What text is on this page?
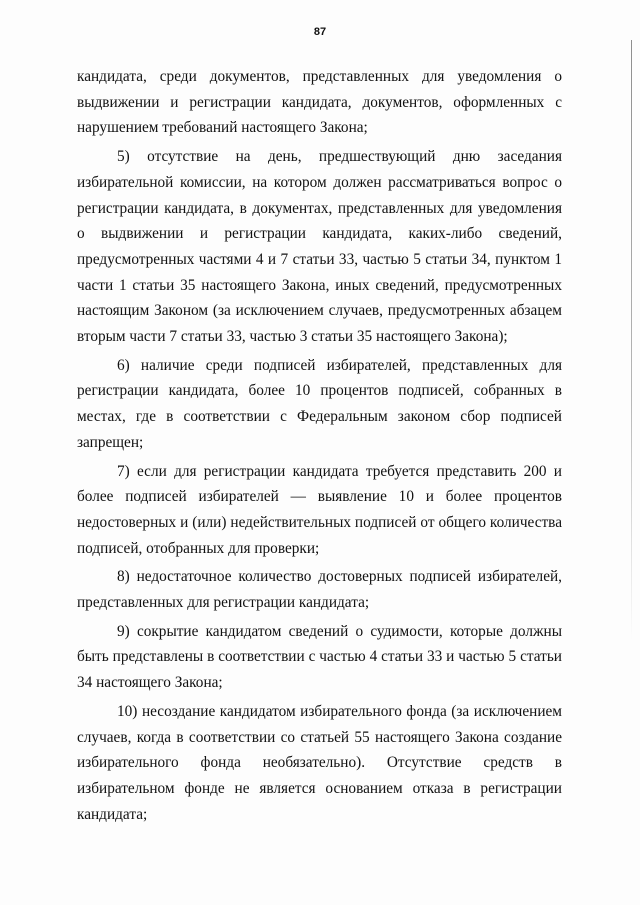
87

кандидата, среди документов, представленных для уведомления о выдвижении и регистрации кандидата, документов, оформленных с нарушением требований настоящего Закона;

5) отсутствие на день, предшествующий дню заседания избирательной комиссии, на котором должен рассматриваться вопрос о регистрации кандидата, в документах, представленных для уведомления о выдвижении и регистрации кандидата, каких-либо сведений, предусмотренных частями 4 и 7 статьи 33, частью 5 статьи 34, пунктом 1 части 1 статьи 35 настоящего Закона, иных сведений, предусмотренных настоящим Законом (за исключением случаев, предусмотренных абзацем вторым части 7 статьи 33, частью 3 статьи 35 настоящего Закона);

6) наличие среди подписей избирателей, представленных для регистрации кандидата, более 10 процентов подписей, собранных в местах, где в соответствии с Федеральным законом сбор подписей запрещен;

7) если для регистрации кандидата требуется представить 200 и более подписей избирателей — выявление 10 и более процентов недостоверных и (или) недействительных подписей от общего количества подписей, отобранных для проверки;

8) недостаточное количество достоверных подписей избирателей, представленных для регистрации кандидата;

9) сокрытие кандидатом сведений о судимости, которые должны быть представлены в соответствии с частью 4 статьи 33 и частью 5 статьи 34 настоящего Закона;

10) несоздание кандидатом избирательного фонда (за исключением случаев, когда в соответствии со статьей 55 настоящего Закона создание избирательного фонда необязательно). Отсутствие средств в избирательном фонде не является основанием отказа в регистрации кандидата;
